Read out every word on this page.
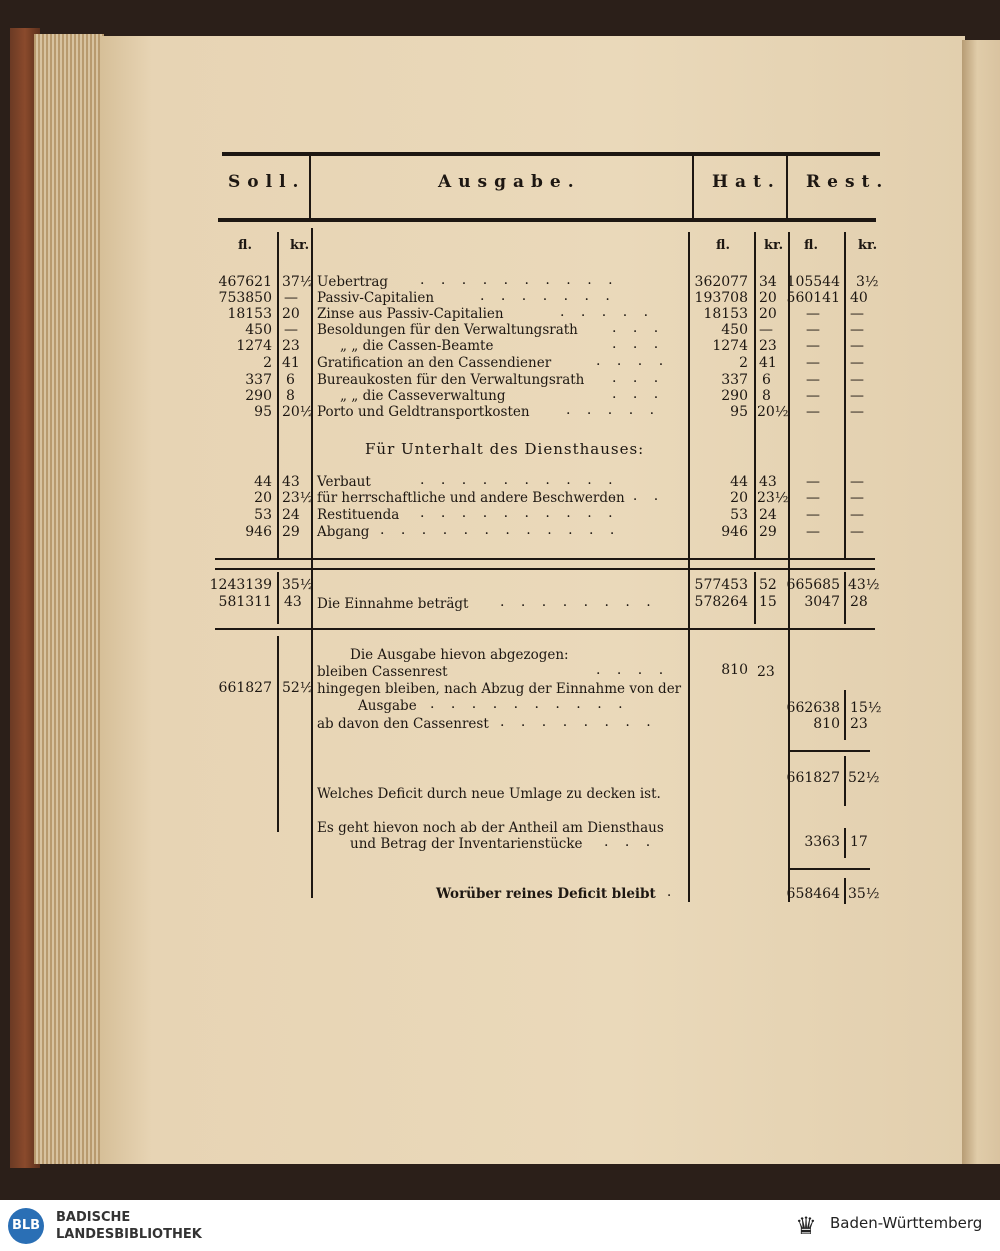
Soll.	Ausgabe.	Hat. Rest.
fl.	kr.	fl.	kr. fl.	kr.
467621 37½ Uebertrag	362077 34 105544 3½
753850 — Passiv-Capitalien	193708 20 560141 40
18153 20 Zinse aus Passiv-Capitalien	18153 20 — —
450 — Besoldungen für den Verwaltungsrath	450 — — —
1274 23	„ „ die Cassen-Beamte	1274 23 — —
2 41 Gratification an den Cassendiener	2 41 — —
337 6 Bureaukosten für den Verwaltungsrath	337 6	— —
290 8	„ „ die Casseverwaltung	290 8	— —
95 20½ Porto und Geldtransportkosten	95 20½ — —
. . . . . . . . . .
. . . . . . .
. . . . .
. . .
. . .
. . . .
. . .
. . .
. . . . .
Für Unterhalt des Diensthauses:
44 43 Verbaut	44 43 — —
20 23½ für herrschaftliche und andere Beschwerden	20 23½ — —
53 24 Restituenda	53 24 — —
946 29 Abgang	946 29 — —
. . . . . . . . . .
. . .
. . . . . . . . . .
. . . . . . . . . . . .
1243139 35½	577453 52 665685 43½
581311 43 Die Einnahme beträgt . . . . . . . .	578264 15	3047 28
Die Ausgabe hievon abgezogen:
bleiben Cassenrest	. . . .	810 23
661827 52½ hingegen bleiben, nach Abzug der Einnahme von der
Ausgabe . . . . . . . . . .	662638 15½
ab davon den Cassenrest . . . . . . . .	810 23
661827 52½
Welches Deficit durch neue Umlage zu decken ist.
Es geht hievon noch ab der Antheil am Diensthaus
und Betrag der Inventarienstücke . . .	3363 17
Worüber reines Deficit bleibt
. .	658464 35½
BLB
BADISCHE
LANDESBIBLIOTHEK	♛ Baden-Württemberg
